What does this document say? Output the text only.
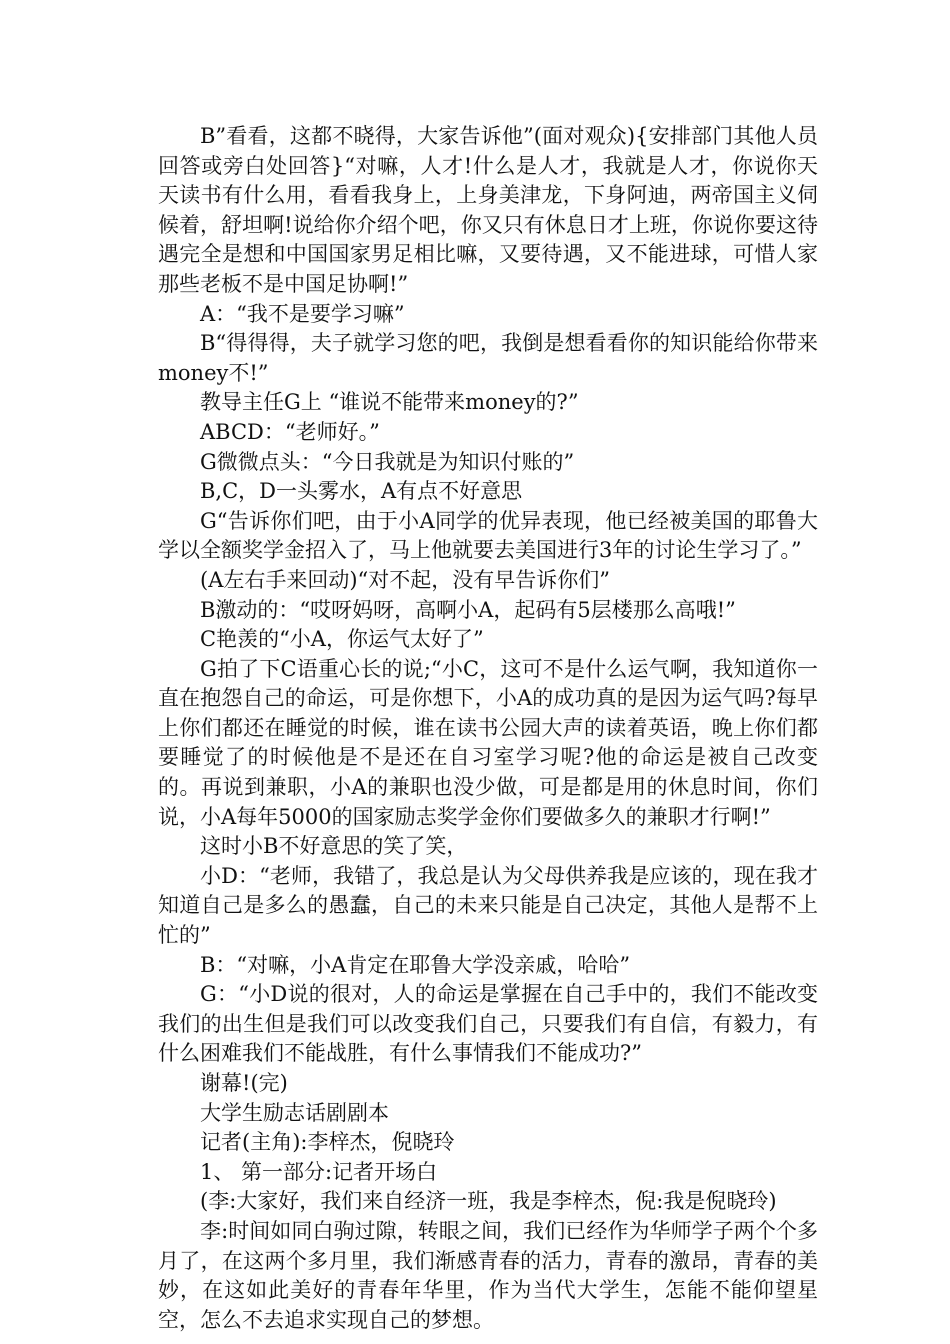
B”看看，这都不晓得，大家告诉他”(面对观众){安排部门其他人员回答或旁白处回答}“对嘛，人才!什么是人才，我就是人才，你说你天天读书有什么用，看看我身上，上身美津龙，下身阿迪，两帝国主义伺候着，舒坦啊!说给你介绍个吧，你又只有休息日才上班，你说你要这待遇完全是想和中国国家男足相比嘛，又要待遇，又不能进球，可惜人家那些老板不是中国足协啊!”

A：“我不是要学习嘛”

B“得得得，夫子就学习您的吧，我倒是想看看你的知识能给你带来money不!”

教导主任G上 “谁说不能带来money的?”

ABCD：“老师好。”

G微微点头：“今日我就是为知识付账的”

B,C，D一头雾水，A有点不好意思

G“告诉你们吧，由于小A同学的优异表现，他已经被美国的耶鲁大学以全额奖学金招入了，马上他就要去美国进行3年的讨论生学习了。”

(A左右手来回动)“对不起，没有早告诉你们”

B激动的：“哎呀妈呀，高啊小A，起码有5层楼那么高哦!”

C艳羡的“小A，你运气太好了”

G拍了下C语重心长的说;“小C，这可不是什么运气啊，我知道你一直在抱怨自己的命运，可是你想下，小A的成功真的是因为运气吗?每早上你们都还在睡觉的时候，谁在读书公园大声的读着英语，晚上你们都要睡觉了的时候他是不是还在自习室学习呢?他的命运是被自己改变的。再说到兼职，小A的兼职也没少做，可是都是用的休息时间，你们说，小A每年5000的国家励志奖学金你们要做多久的兼职才行啊!”

这时小B不好意思的笑了笑，

小D：“老师，我错了，我总是认为父母供养我是应该的，现在我才知道自己是多么的愚蠢，自己的未来只能是自己决定，其他人是帮不上忙的”

B：“对嘛，小A肯定在耶鲁大学没亲戚，哈哈”

G：“小D说的很对，人的命运是掌握在自己手中的，我们不能改变我们的出生但是我们可以改变我们自己，只要我们有自信，有毅力，有什么困难我们不能战胜，有什么事情我们不能成功?”

谢幕!(完)

大学生励志话剧剧本

记者(主角):李梓杰，倪晓玲

1、 第一部分:记者开场白

(李:大家好，我们来自经济一班，我是李梓杰，倪:我是倪晓玲)

李:时间如同白驹过隙，转眼之间，我们已经作为华师学子两个个多月了，在这两个多月里，我们渐感青春的活力，青春的激昂，青春的美妙，在这如此美好的青春年华里，作为当代大学生，怎能不能仰望星空，怎么不去追求实现自己的梦想。
